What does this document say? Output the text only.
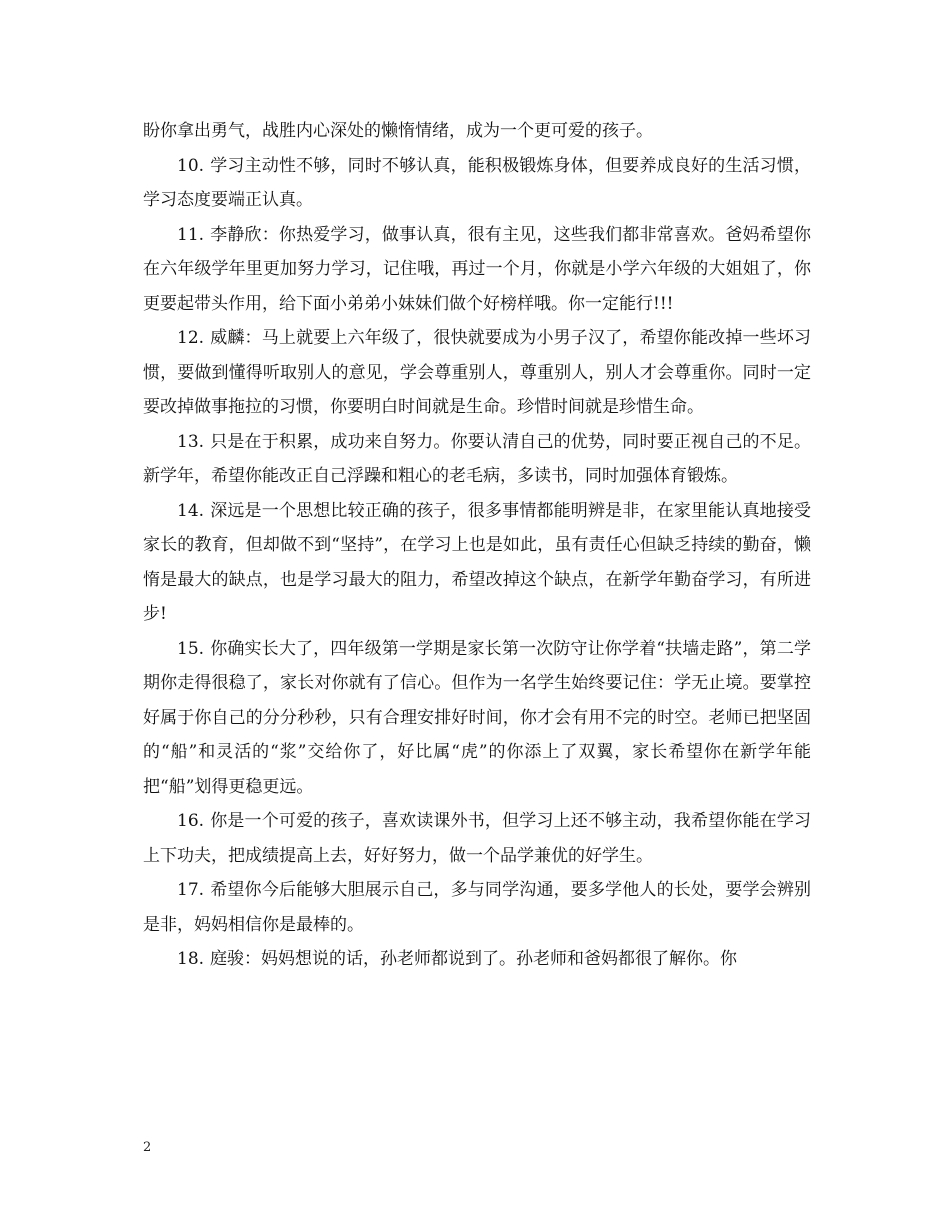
盼你拿出勇气，战胜内心深处的懒惰情绪，成为一个更可爱的孩子。

10. 学习主动性不够，同时不够认真，能积极锻炼身体，但要养成良好的生活习惯，学习态度要端正认真。

11. 李静欣：你热爱学习，做事认真，很有主见，这些我们都非常喜欢。爸妈希望你在六年级学年里更加努力学习，记住哦，再过一个月，你就是小学六年级的大姐姐了，你更要起带头作用，给下面小弟弟小妹妹们做个好榜样哦。你一定能行!!!

12. 威麟：马上就要上六年级了，很快就要成为小男子汉了，希望你能改掉一些坏习惯，要做到懂得听取别人的意见，学会尊重别人，尊重别人，别人才会尊重你。同时一定要改掉做事拖拉的习惯，你要明白时间就是生命。珍惜时间就是珍惜生命。

13. 只是在于积累，成功来自努力。你要认清自己的优势，同时要正视自己的不足。新学年，希望你能改正自己浮躁和粗心的老毛病，多读书，同时加强体育锻炼。

14. 深远是一个思想比较正确的孩子，很多事情都能明辨是非，在家里能认真地接受家长的教育，但却做不到“坚持”，在学习上也是如此，虽有责任心但缺乏持续的勤奋，懒惰是最大的缺点，也是学习最大的阻力，希望改掉这个缺点，在新学年勤奋学习，有所进步!

15. 你确实长大了，四年级第一学期是家长第一次防守让你学着“扶墙走路”，第二学期你走得很稳了，家长对你就有了信心。但作为一名学生始终要记住：学无止境。要掌控好属于你自己的分分秒秒，只有合理安排好时间，你才会有用不完的时空。老师已把坚固的“船”和灵活的“浆”交给你了，好比属“虎”的你添上了双翼，家长希望你在新学年能把“船”划得更稳更远。

16. 你是一个可爱的孩子，喜欢读课外书，但学习上还不够主动，我希望你能在学习上下功夫，把成绩提高上去，好好努力，做一个品学兼优的好学生。

17. 希望你今后能够大胆展示自己，多与同学沟通，要多学他人的长处，要学会辨别是非，妈妈相信你是最棒的。

18. 庭骏：妈妈想说的话，孙老师都说到了。孙老师和爸妈都很了解你。你

2
